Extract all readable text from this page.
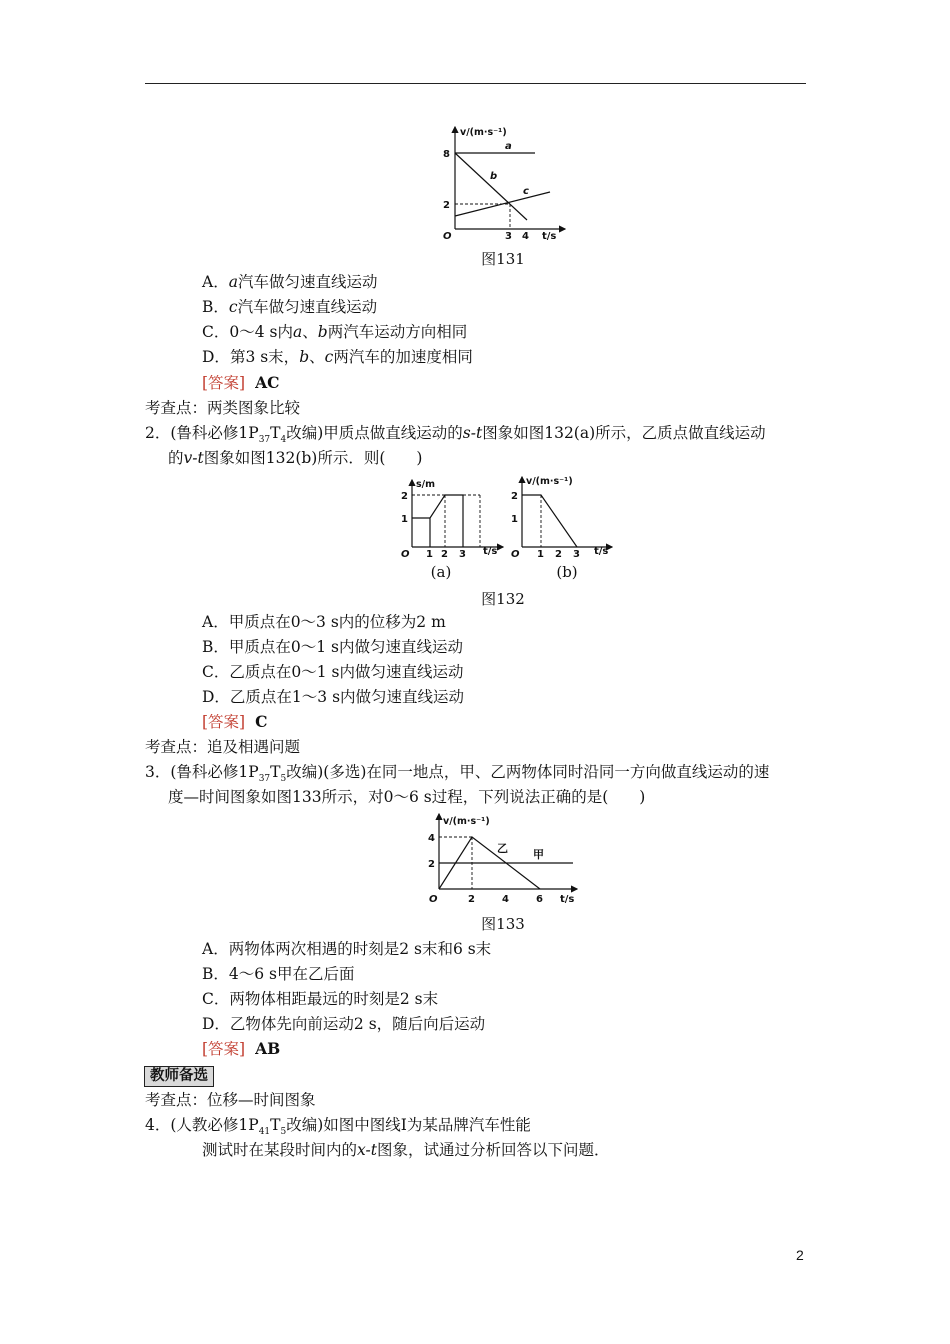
v/(m·s⁻¹)
t/s
O
8
2
3 4
a
b
c
图131
A．a汽车做匀速直线运动
B．c汽车做匀速直线运动
C．0～4 s内a、b两汽车运动方向相同
D．第3 s末，b、c两汽车的加速度相同
[答案] AC
考查点：两类图象比较
2．(鲁科必修$1P_{37}T_4$改编)甲质点做直线运动的s-t图象如图132(a)所示，乙质点做直线运动
的v-t图象如图132(b)所示．则(　　)
s/m
t/s
O
2
1
1 2 3
(a)
v/(m·s⁻¹)
t/s
O
2
1
1 2 3
(b)
图132
A．甲质点在0～3 s内的位移为2 m
B．甲质点在0～1 s内做匀速直线运动
C．乙质点在0～1 s内做匀速直线运动
D．乙质点在1～3 s内做匀速直线运动
[答案] C
考查点：追及相遇问题
3．(鲁科必修$1P_{37}T_5$改编)(多选)在同一地点，甲、乙两物体同时沿同一方向做直线运动的速
度—时间图象如图133所示，对0～6 s过程，下列说法正确的是(　　)
v/(m·s⁻¹)
t/s
O
4
2
2	4	6
乙 甲
图133
A．两物体两次相遇的时刻是2 s末和6 s末
B．4～6 s甲在乙后面
C．两物体相距最远的时刻是2 s末
D．乙物体先向前运动2 s，随后向后运动
[答案] AB
教师备选
考查点：位移—时间图象
4．(人教必修$1P_{41}T_5$改编)如图中图线Ⅰ为某品牌汽车性能
测试时在某段时间内的x-t图象，试通过分析回答以下问题．
2
